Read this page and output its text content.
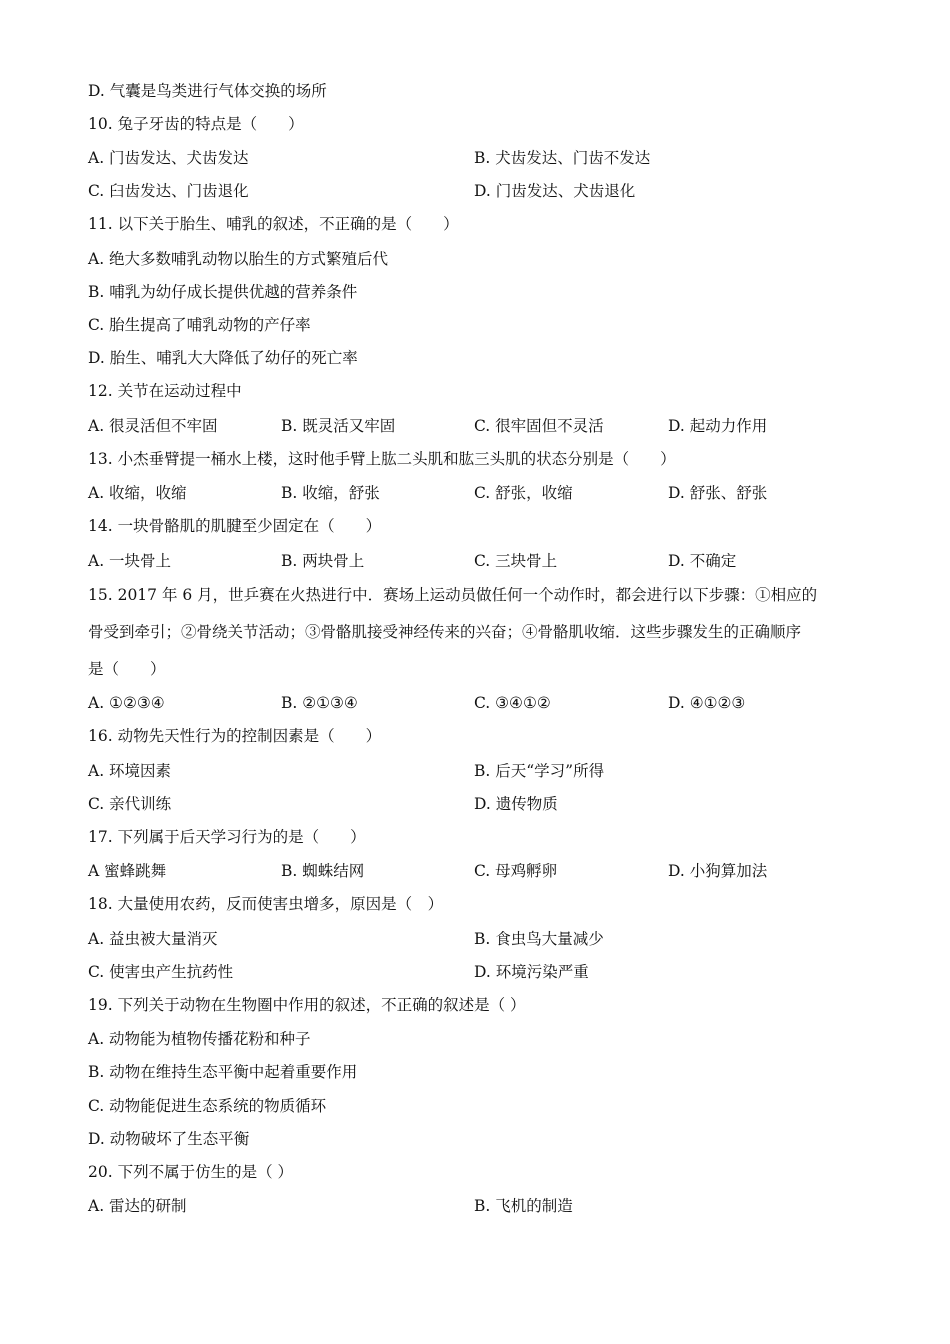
D. 气囊是鸟类进行气体交换的场所
10. 兔子牙齿的特点是（　　）
A. 门齿发达、犬齿发达	B. 犬齿发达、门齿不发达
C. 臼齿发达、门齿退化	D. 门齿发达、犬齿退化
11. 以下关于胎生、哺乳的叙述，不正确的是（　　）
A. 绝大多数哺乳动物以胎生的方式繁殖后代
B. 哺乳为幼仔成长提供优越的营养条件
C. 胎生提高了哺乳动物的产仔率
D. 胎生、哺乳大大降低了幼仔的死亡率
12. 关节在运动过程中
A. 很灵活但不牢固	B. 既灵活又牢固	C. 很牢固但不灵活	D. 起动力作用
13. 小杰垂臂提一桶水上楼，这时他手臂上肱二头肌和肱三头肌的状态分别是（　　）
A. 收缩，收缩	B. 收缩，舒张	C. 舒张，收缩	D. 舒张、舒张
14. 一块骨骼肌的肌腱至少固定在（　　）
A. 一块骨上	B. 两块骨上	C. 三块骨上	D. 不确定
15. 2017 年 6 月，世乒赛在火热进行中．赛场上运动员做任何一个动作时，都会进行以下步骤：①相应的
骨受到牵引；②骨绕关节活动；③骨骼肌接受神经传来的兴奋；④骨骼肌收缩．这些步骤发生的正确顺序
是（　　）
A. ①②③④	B. ②①③④	C. ③④①②	D. ④①②③
16. 动物先天性行为的控制因素是（　　）
A. 环境因素	B. 后天“学习”所得
C. 亲代训练	D. 遗传物质
17. 下列属于后天学习行为的是（　　）
A 蜜蜂跳舞	B. 蜘蛛结网	C. 母鸡孵卵	D. 小狗算加法
18. 大量使用农药，反而使害虫增多，原因是（　）
A. 益虫被大量消灭	B. 食虫鸟大量减少
C. 使害虫产生抗药性	D. 环境污染严重
19. 下列关于动物在生物圈中作用的叙述，不正确的叙述是（ ）
A. 动物能为植物传播花粉和种子
B. 动物在维持生态平衡中起着重要作用
C. 动物能促进生态系统的物质循环
D. 动物破坏了生态平衡
20. 下列不属于仿生的是（ ）
A. 雷达的研制	B. 飞机的制造
